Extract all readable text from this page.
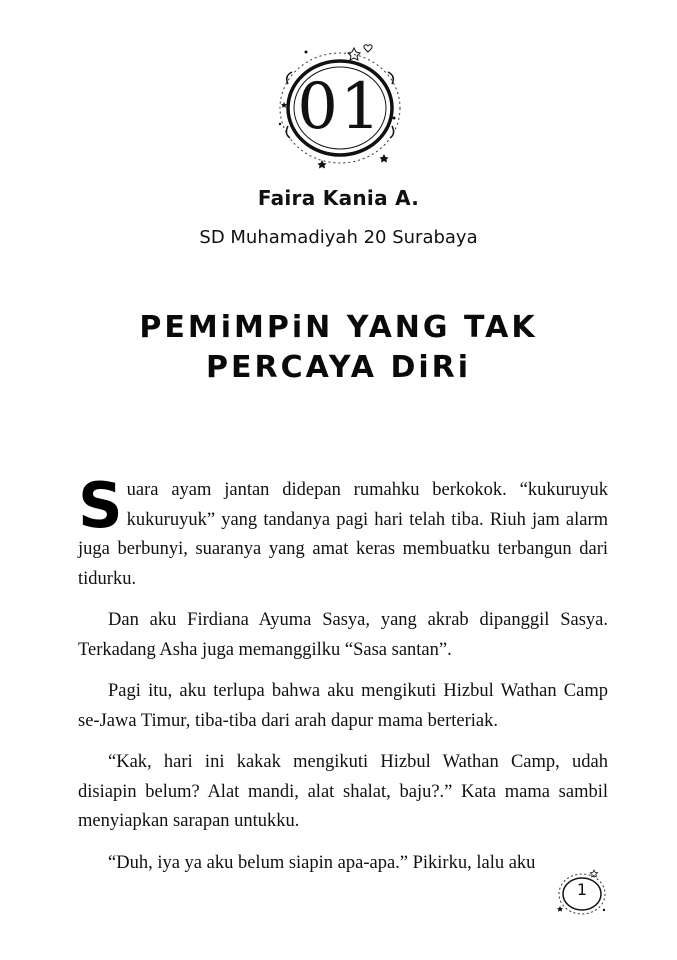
01
Faira Kania A.
SD Muhamadiyah 20 Surabaya
PEMiMPiN YANG TAK
PERCAYA DiRi

Suara ayam jantan didepan rumahku berkokok. “kukuruyuk kukuruyuk” yang tandanya pagi hari telah tiba. Riuh jam alarm juga berbunyi, suaranya yang amat keras membuatku terbangun dari tidurku.

Dan aku Firdiana Ayuma Sasya, yang akrab dipanggil Sasya. Terkadang Asha juga memanggilku “Sasa santan”.

Pagi itu, aku terlupa bahwa aku mengikuti Hizbul Wathan Camp se-Jawa Timur, tiba-tiba dari arah dapur mama berteriak.

“Kak, hari ini kakak mengikuti Hizbul Wathan Camp, udah disiapin belum? Alat mandi, alat shalat, baju?.” Kata mama sambil menyiapkan sarapan untukku.

“Duh, iya ya aku belum siapin apa-apa.” Pikirku, lalu aku

1
